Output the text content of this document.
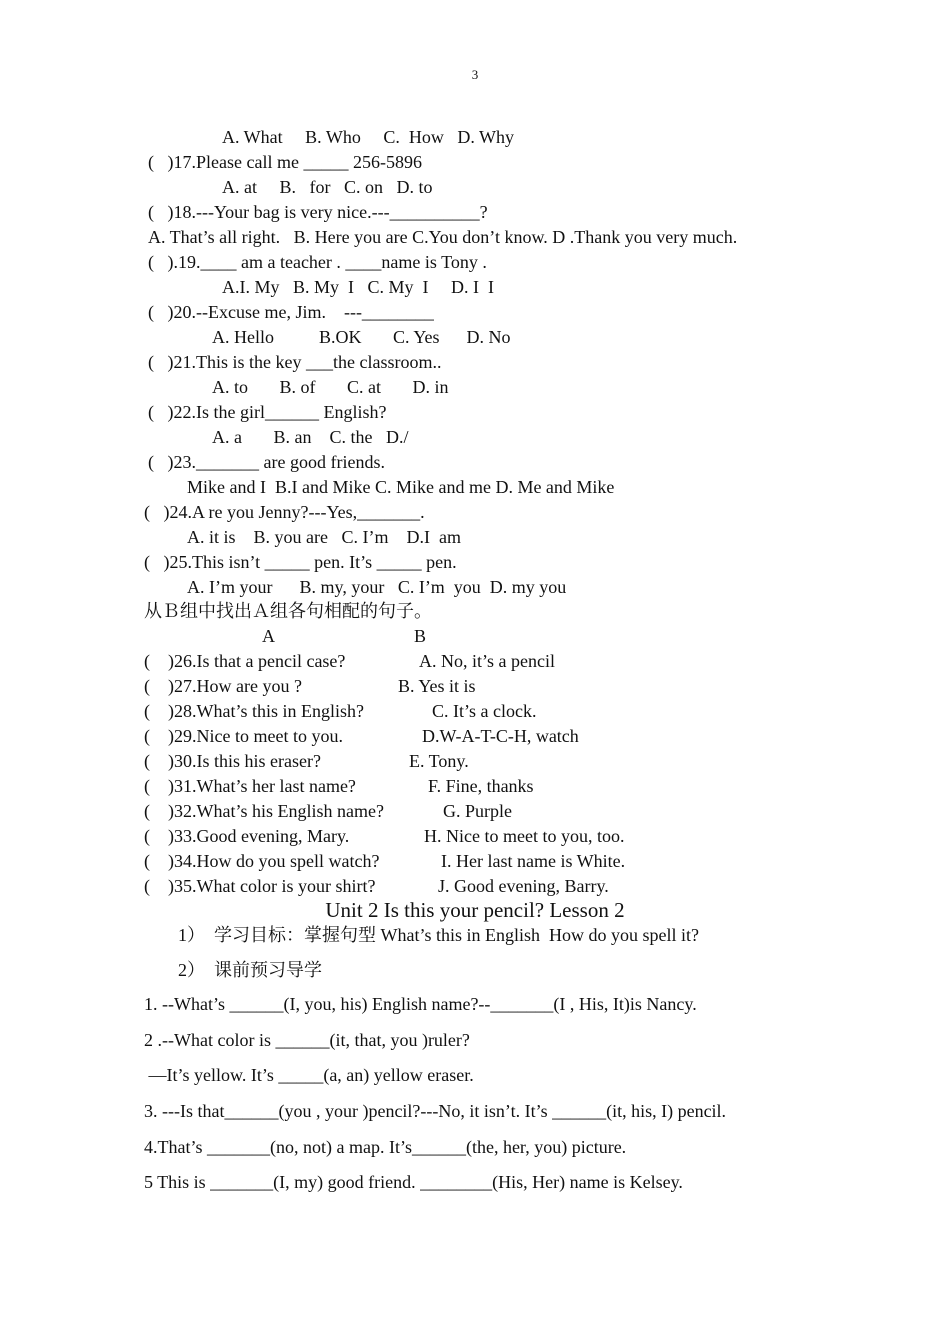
3
A. What     B. Who     C.  How   D. Why
(   )17.Please call me _____ 256-5896
A. at     B.   for   C. on   D. to
(   )18.---Your bag is very nice.---__________?
A. That’s all right.   B. Here you are C.You don’t know. D .Thank you very much.
(   ).19.____ am a teacher . ____name is Tony .
A.I. My   B. My  I   C. My  I     D. I  I
(   )20.--Excuse me, Jim.    ---________
A. Hello          B.OK       C. Yes      D. No
(   )21.This is the key ___the classroom..
A. to       B. of       C. at       D. in
(   )22.Is the girl______ English?
A. a       B. an    C. the   D./
(   )23._______ are good friends.
Mike and I  B.I and Mike C. Mike and me D. Me and Mike
(   )24.A re you Jenny?---Yes,_______.
A. it is    B. you are   C. I’m    D.I  am
(   )25.This isn’t _____ pen. It’s _____ pen.
A. I’m your      B. my, your   C. I’m  you  D. my you
从Ｂ组中找出Ａ组各句相配的句子。
A	B
(    )26.Is that a pencil case?	A. No, it’s a pencil
(    )27.How are you ?	B. Yes it is
(    )28.What’s this in English?	C. It’s a clock.
(    )29.Nice to meet to you.	D.W-A-T-C-H, watch
(    )30.Is this his eraser?	E. Tony.
(    )31.What’s her last name?	F. Fine, thanks
(    )32.What’s his English name?	G. Purple
(    )33.Good evening, Mary.	H. Nice to meet to you, too.
(    )34.How do you spell watch?	I. Her last name is White.
(    )35.What color is your shirt?	J. Good evening, Barry.
Unit 2 Is this your pencil? Lesson 2
1）  学习目标：掌握句型 What’s this in English  How do you spell it?
2）  课前预习导学
1. --What’s ______(I, you, his) English name?--_______(I , His, It)is Nancy.
2 .--What color is ______(it, that, you )ruler?
—It’s yellow. It’s _____(a, an) yellow eraser.
3. ---Is that______(you , your )pencil?---No, it isn’t. It’s ______(it, his, I) pencil.
4.That’s _______(no, not) a map. It’s______(the, her, you) picture.
5 This is _______(I, my) good friend. ________(His, Her) name is Kelsey.
